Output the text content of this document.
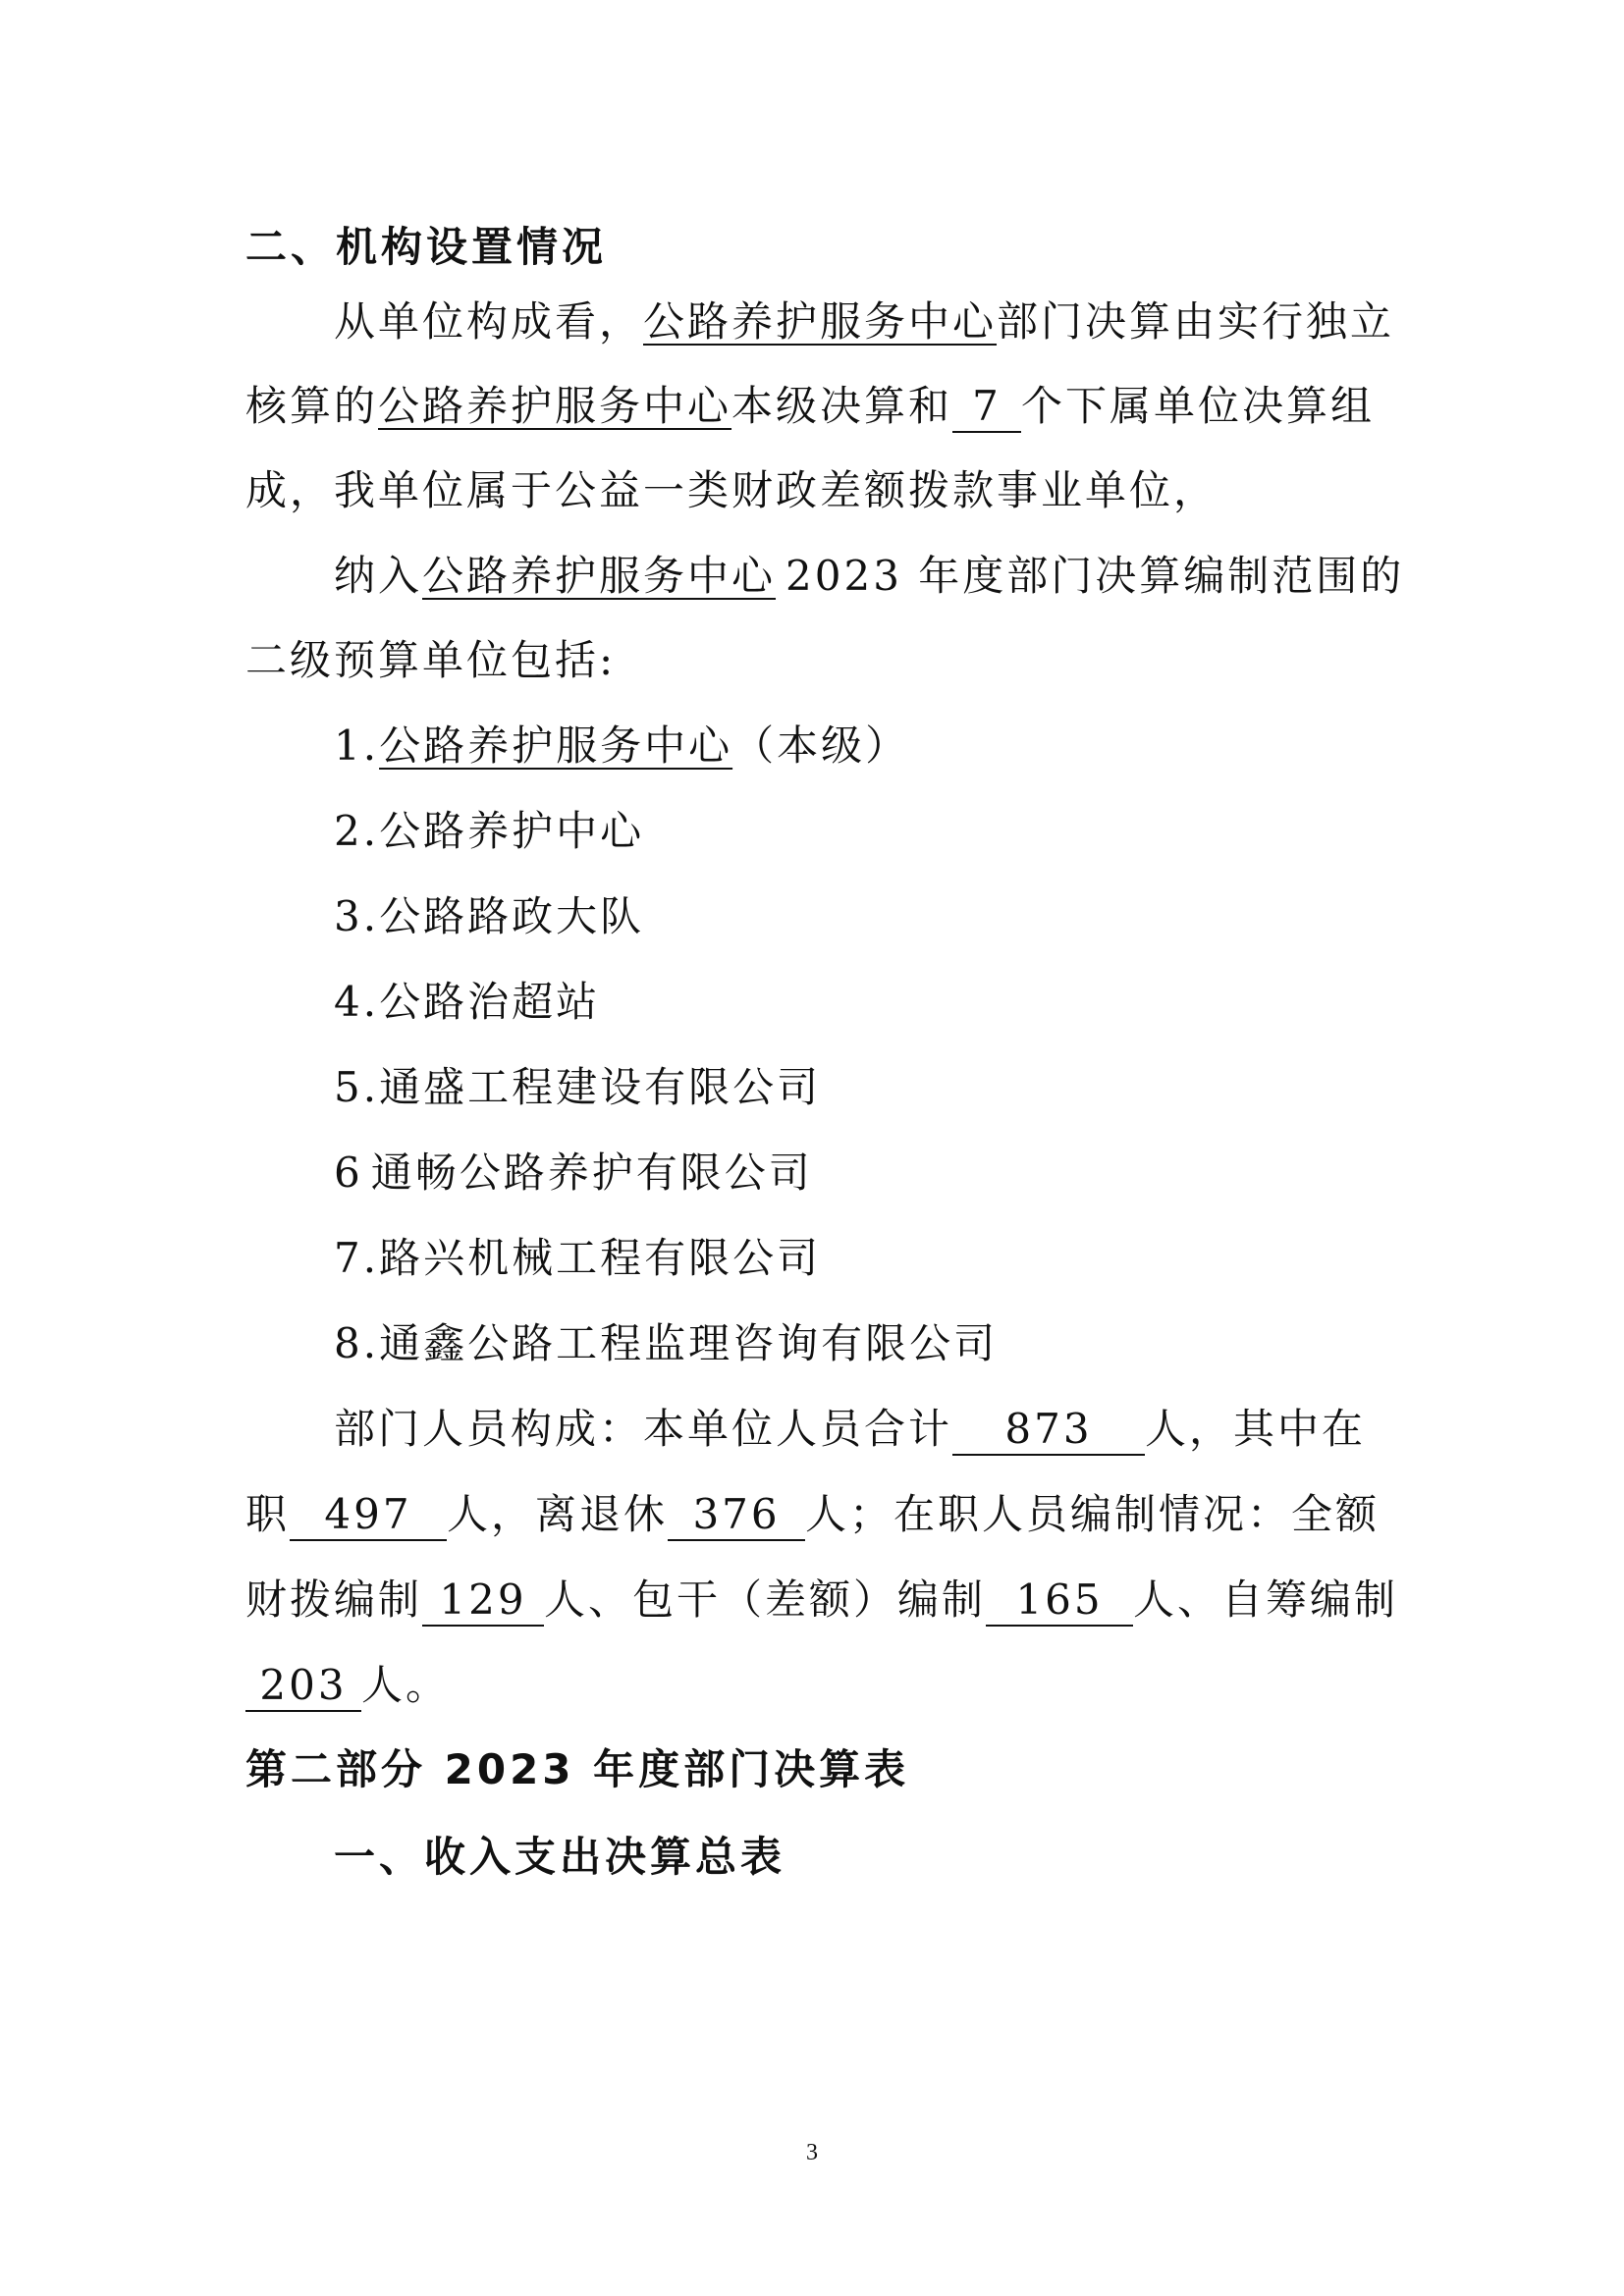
二、机构设置情况
从单位构成看，公路养护服务中心部门决算由实行独立
核算的公路养护服务中心本级决算和 7 个下属单位决算组
成，我单位属于公益一类财政差额拨款事业单位，
纳入公路养护服务中心 2023 年度部门决算编制范围的
二级预算单位包括:
1.公路养护服务中心（本级）
2.公路养护中心
3.公路路政大队
4.公路治超站
5.通盛工程建设有限公司
6 通畅公路养护有限公司
7.路兴机械工程有限公司
8.通鑫公路工程监理咨询有限公司
部门人员构成：本单位人员合计 873 人，其中在
职 497 人，离退休 376 人；在职人员编制情况：全额
财拨编制 129 人、包干（差额）编制 165 人、自筹编制
203 人。
第二部分 2023 年度部门决算表
一、收入支出决算总表
3
